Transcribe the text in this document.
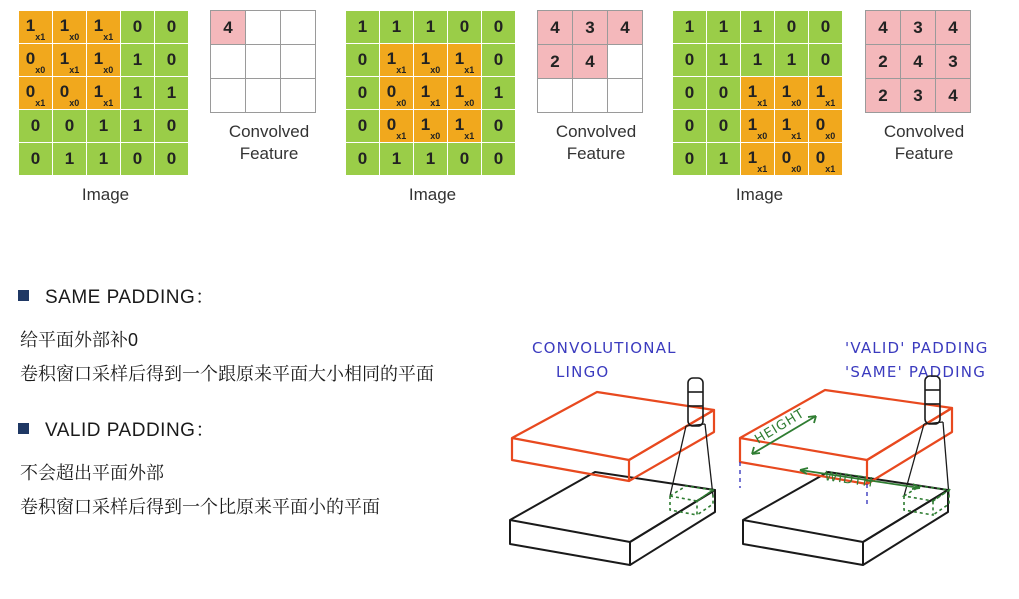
$1_{x1}$	$1_{x0}$	$1_{x1}$	0	0
$0_{x0}$	$1_{x1}$	$1_{x0}$	1	0
$0_{x1}$	$0_{x0}$	$1_{x1}$	1	1
0	0	1	1	0
0	1	1	0	0
Image
4		

Convolved
Feature
1	1	1	0	0
0	$1_{x1}$	$1_{x0}$	$1_{x1}$	0
0	$0_{x0}$	$1_{x1}$	$1_{x0}$	1
0	$0_{x1}$	$1_{x0}$	$1_{x1}$	0
0	1	1	0	0
Image
4	3	4
2	4	

Convolved
Feature
1	1	1	0	0
0	1	1	1	0
0	0	$1_{x1}$	$1_{x0}$	$1_{x1}$
0	0	$1_{x0}$	$1_{x1}$	$0_{x0}$
0	1	$1_{x1}$	$0_{x0}$	$0_{x1}$
Image
4	3	4
2	4	3
2	3	4
Convolved
Feature
SAME PADDING：
给平面外部补0
卷积窗口采样后得到一个跟原来平面大小相同的平面
VALID PADDING：
不会超出平面外部
卷积窗口采样后得到一个比原来平面小的平面
CONVOLUTIONAL
LINGO
'VALID' PADDING
'SAME' PADDING
HEIGHT
WIDTH
